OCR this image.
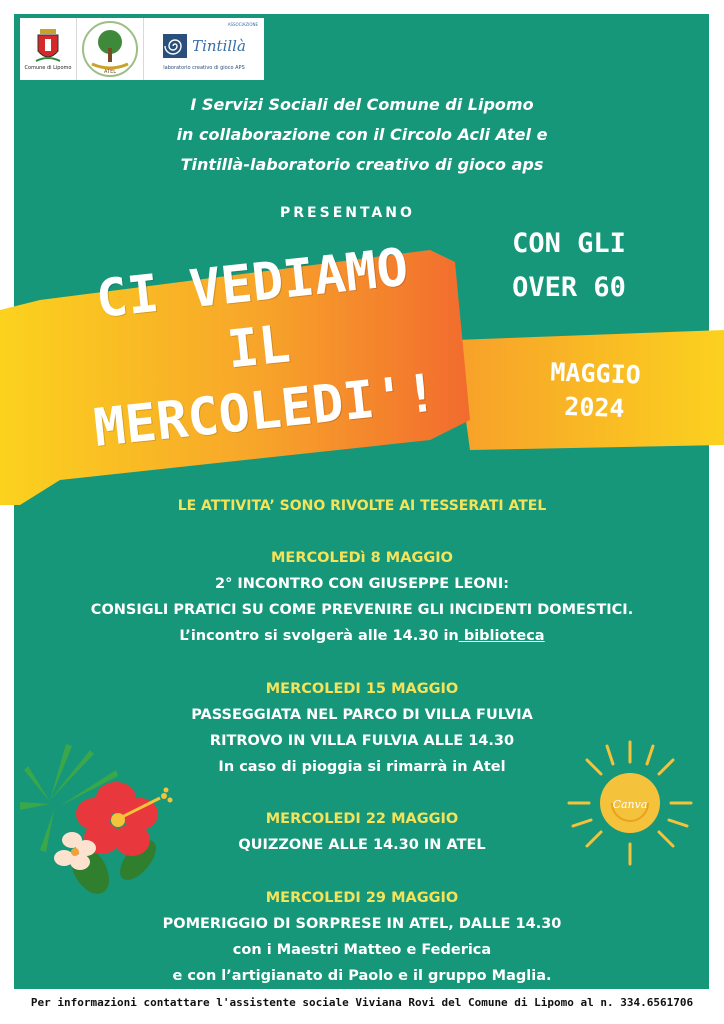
Comune di Lipomo
ATEL
ASSOCIAZIONE
Tintillà
laboratorio creativo di gioco APS
I Servizi Sociali del Comune di Lipomo
in collaborazione con il Circolo Acli Atel e
Tintillà-laboratorio creativo di gioco aps
PRESENTANO
CON GLI
OVER 60
CI VEDIAMO
IL
MERCOLEDI'!	MAGGIO
2024
LE ATTIVITA’ SONO RIVOLTE AI TESSERATI ATEL
MERCOLEDì 8 MAGGIO
2° INCONTRO CON GIUSEPPE LEONI:
CONSIGLI PRATICI SU COME PREVENIRE GLI INCIDENTI DOMESTICI.
L’incontro si svolgerà alle 14.30 in biblioteca
MERCOLEDI 15 MAGGIO
PASSEGGIATA NEL PARCO DI VILLA FULVIA
RITROVO IN VILLA FULVIA ALLE 14.30
In caso di pioggia si rimarrà in Atel
MERCOLEDI 22 MAGGIO
QUIZZONE ALLE 14.30 IN ATEL
MERCOLEDI 29 MAGGIO
POMERIGGIO DI SORPRESE IN ATEL, DALLE 14.30
con i Maestri Matteo e Federica
e con l’artigianato di Paolo e il gruppo Maglia.
Canva
Per informazioni contattare l'assistente sociale Viviana Rovi del Comune di Lipomo al n. 334.6561706
